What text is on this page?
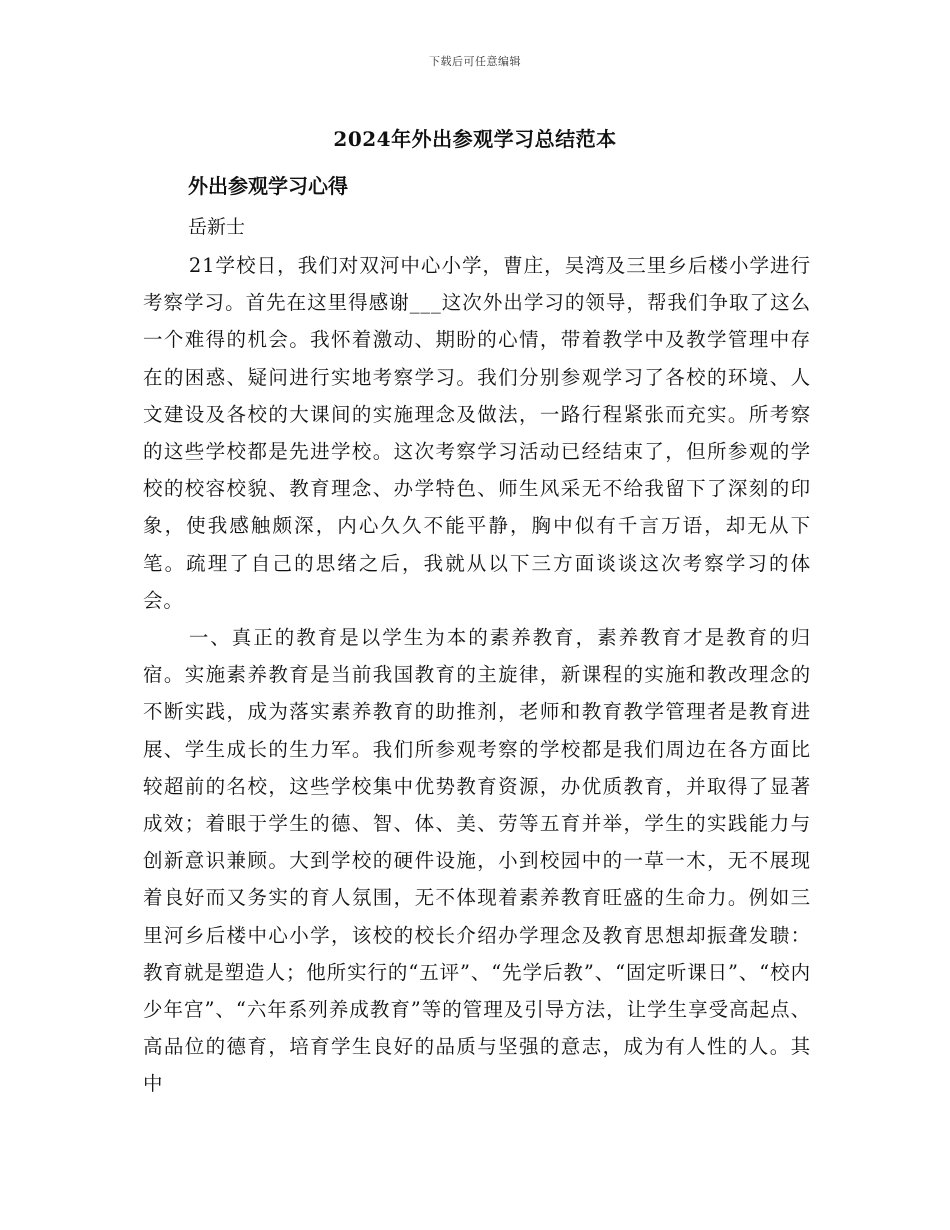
下载后可任意编辑
2024年外出参观学习总结范本

外出参观学习心得

岳新士

21学校日，我们对双河中心小学，曹庄，吴湾及三里乡后楼小学进行考察学习。首先在这里得感谢___这次外出学习的领导，帮我们争取了这么一个难得的机会。我怀着激动、期盼的心情，带着教学中及教学管理中存在的困惑、疑问进行实地考察学习。我们分别参观学习了各校的环境、人文建设及各校的大课间的实施理念及做法，一路行程紧张而充实。所考察的这些学校都是先进学校。这次考察学习活动已经结束了，但所参观的学校的校容校貌、教育理念、办学特色、师生风采无不给我留下了深刻的印象，使我感触颇深，内心久久不能平静，胸中似有千言万语，却无从下笔。疏理了自己的思绪之后，我就从以下三方面谈谈这次考察学习的体会。

一、真正的教育是以学生为本的素养教育，素养教育才是教育的归宿。实施素养教育是当前我国教育的主旋律，新课程的实施和教改理念的不断实践，成为落实素养教育的助推剂，老师和教育教学管理者是教育进展、学生成长的生力军。我们所参观考察的学校都是我们周边在各方面比较超前的名校，这些学校集中优势教育资源，办优质教育，并取得了显著成效；着眼于学生的德、智、体、美、劳等五育并举，学生的实践能力与创新意识兼顾。大到学校的硬件设施，小到校园中的一草一木，无不展现着良好而又务实的育人氛围，无不体现着素养教育旺盛的生命力。例如三里河乡后楼中心小学，该校的校长介绍办学理念及教育思想却振聋发聩：教育就是塑造人；他所实行的“五评”、“先学后教”、“固定听课日”、“校内少年宫”、“六年系列养成教育”等的管理及引导方法，让学生享受高起点、高品位的德育，培育学生良好的品质与坚强的意志，成为有人性的人。其中
